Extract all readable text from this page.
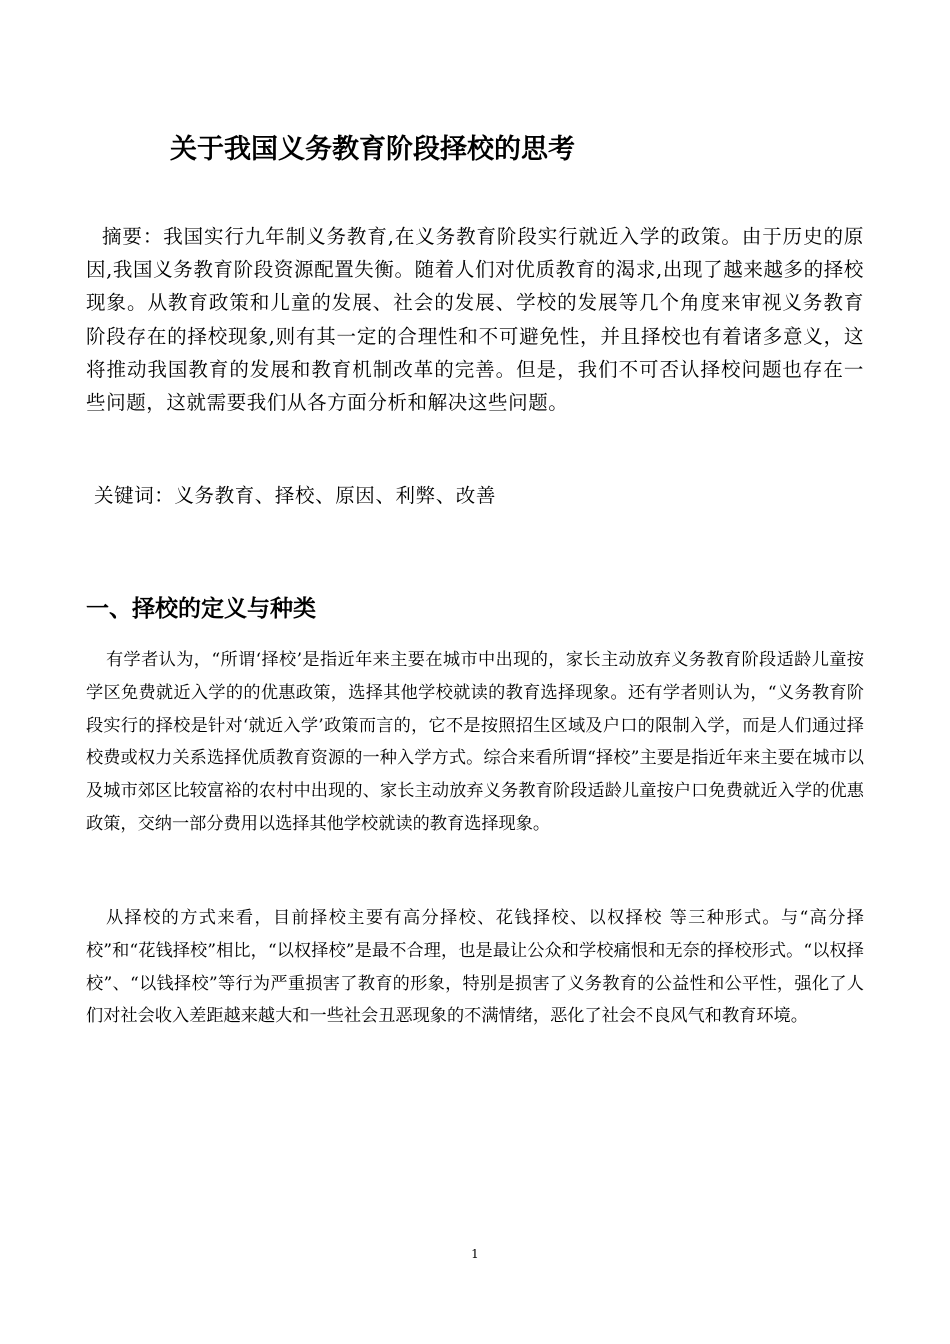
关于我国义务教育阶段择校的思考

摘要：我国实行九年制义务教育,在义务教育阶段实行就近入学的政策。由于历史的原因,我国义务教育阶段资源配置失衡。随着人们对优质教育的渴求,出现了越来越多的择校现象。从教育政策和儿童的发展、社会的发展、学校的发展等几个角度来审视义务教育阶段存在的择校现象,则有其一定的合理性和不可避免性，并且择校也有着诸多意义，这将推动我国教育的发展和教育机制改革的完善。但是，我们不可否认择校问题也存在一些问题，这就需要我们从各方面分析和解决这些问题。

关键词：义务教育、择校、原因、利弊、改善

一、择校的定义与种类

有学者认为，“所谓‘择校’是指近年来主要在城市中出现的，家长主动放弃义务教育阶段适龄儿童按学区免费就近入学的的优惠政策，选择其他学校就读的教育选择现象。还有学者则认为，“义务教育阶段实行的择校是针对‘就近入学’政策而言的，它不是按照招生区域及户口的限制入学，而是人们通过择校费或权力关系选择优质教育资源的一种入学方式。综合来看所谓“择校”主要是指近年来主要在城市以及城市郊区比较富裕的农村中出现的、家长主动放弃义务教育阶段适龄儿童按户口免费就近入学的优惠政策，交纳一部分费用以选择其他学校就读的教育选择现象。

从择校的方式来看，目前择校主要有高分择校、花钱择校、以权择校 等三种形式。与“高分择校”和“花钱择校”相比，“以权择校”是最不合理，也是最让公众和学校痛恨和无奈的择校形式。“以权择校”、“以钱择校”等行为严重损害了教育的形象，特别是损害了义务教育的公益性和公平性，强化了人们对社会收入差距越来越大和一些社会丑恶现象的不满情绪，恶化了社会不良风气和教育环境。

1
